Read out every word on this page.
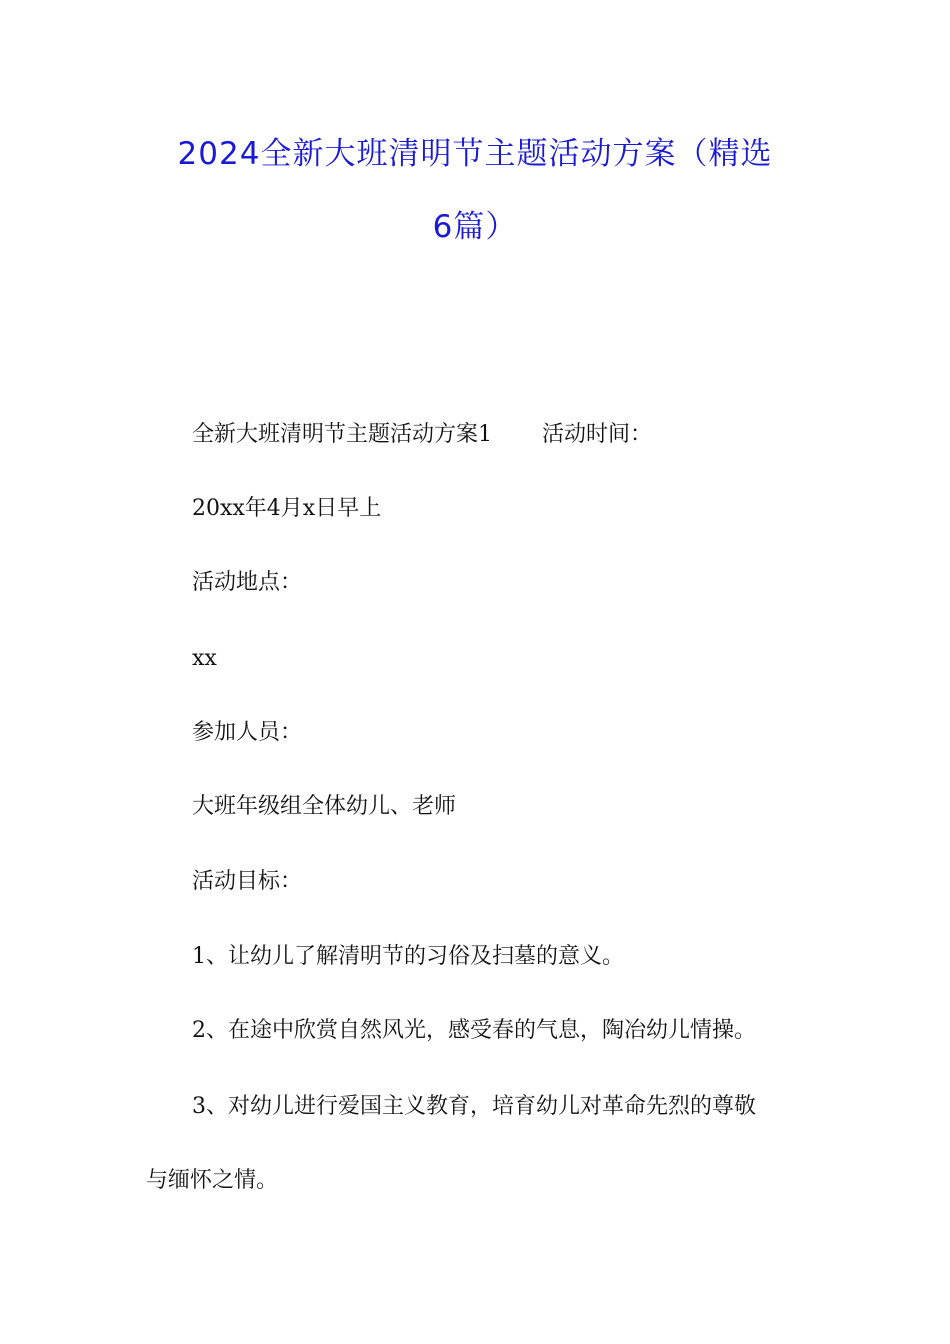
2024全新大班清明节主题活动方案（精选
6篇）
全新大班清明节主题活动方案1 活动时间：
20xx年4月x日早上
活动地点：
xx
参加人员：
大班年级组全体幼儿、老师
活动目标：
1、让幼儿了解清明节的习俗及扫墓的意义。
2、在途中欣赏自然风光，感受春的气息，陶冶幼儿情操。
3、对幼儿进行爱国主义教育，培育幼儿对革命先烈的尊敬
与缅怀之情。
